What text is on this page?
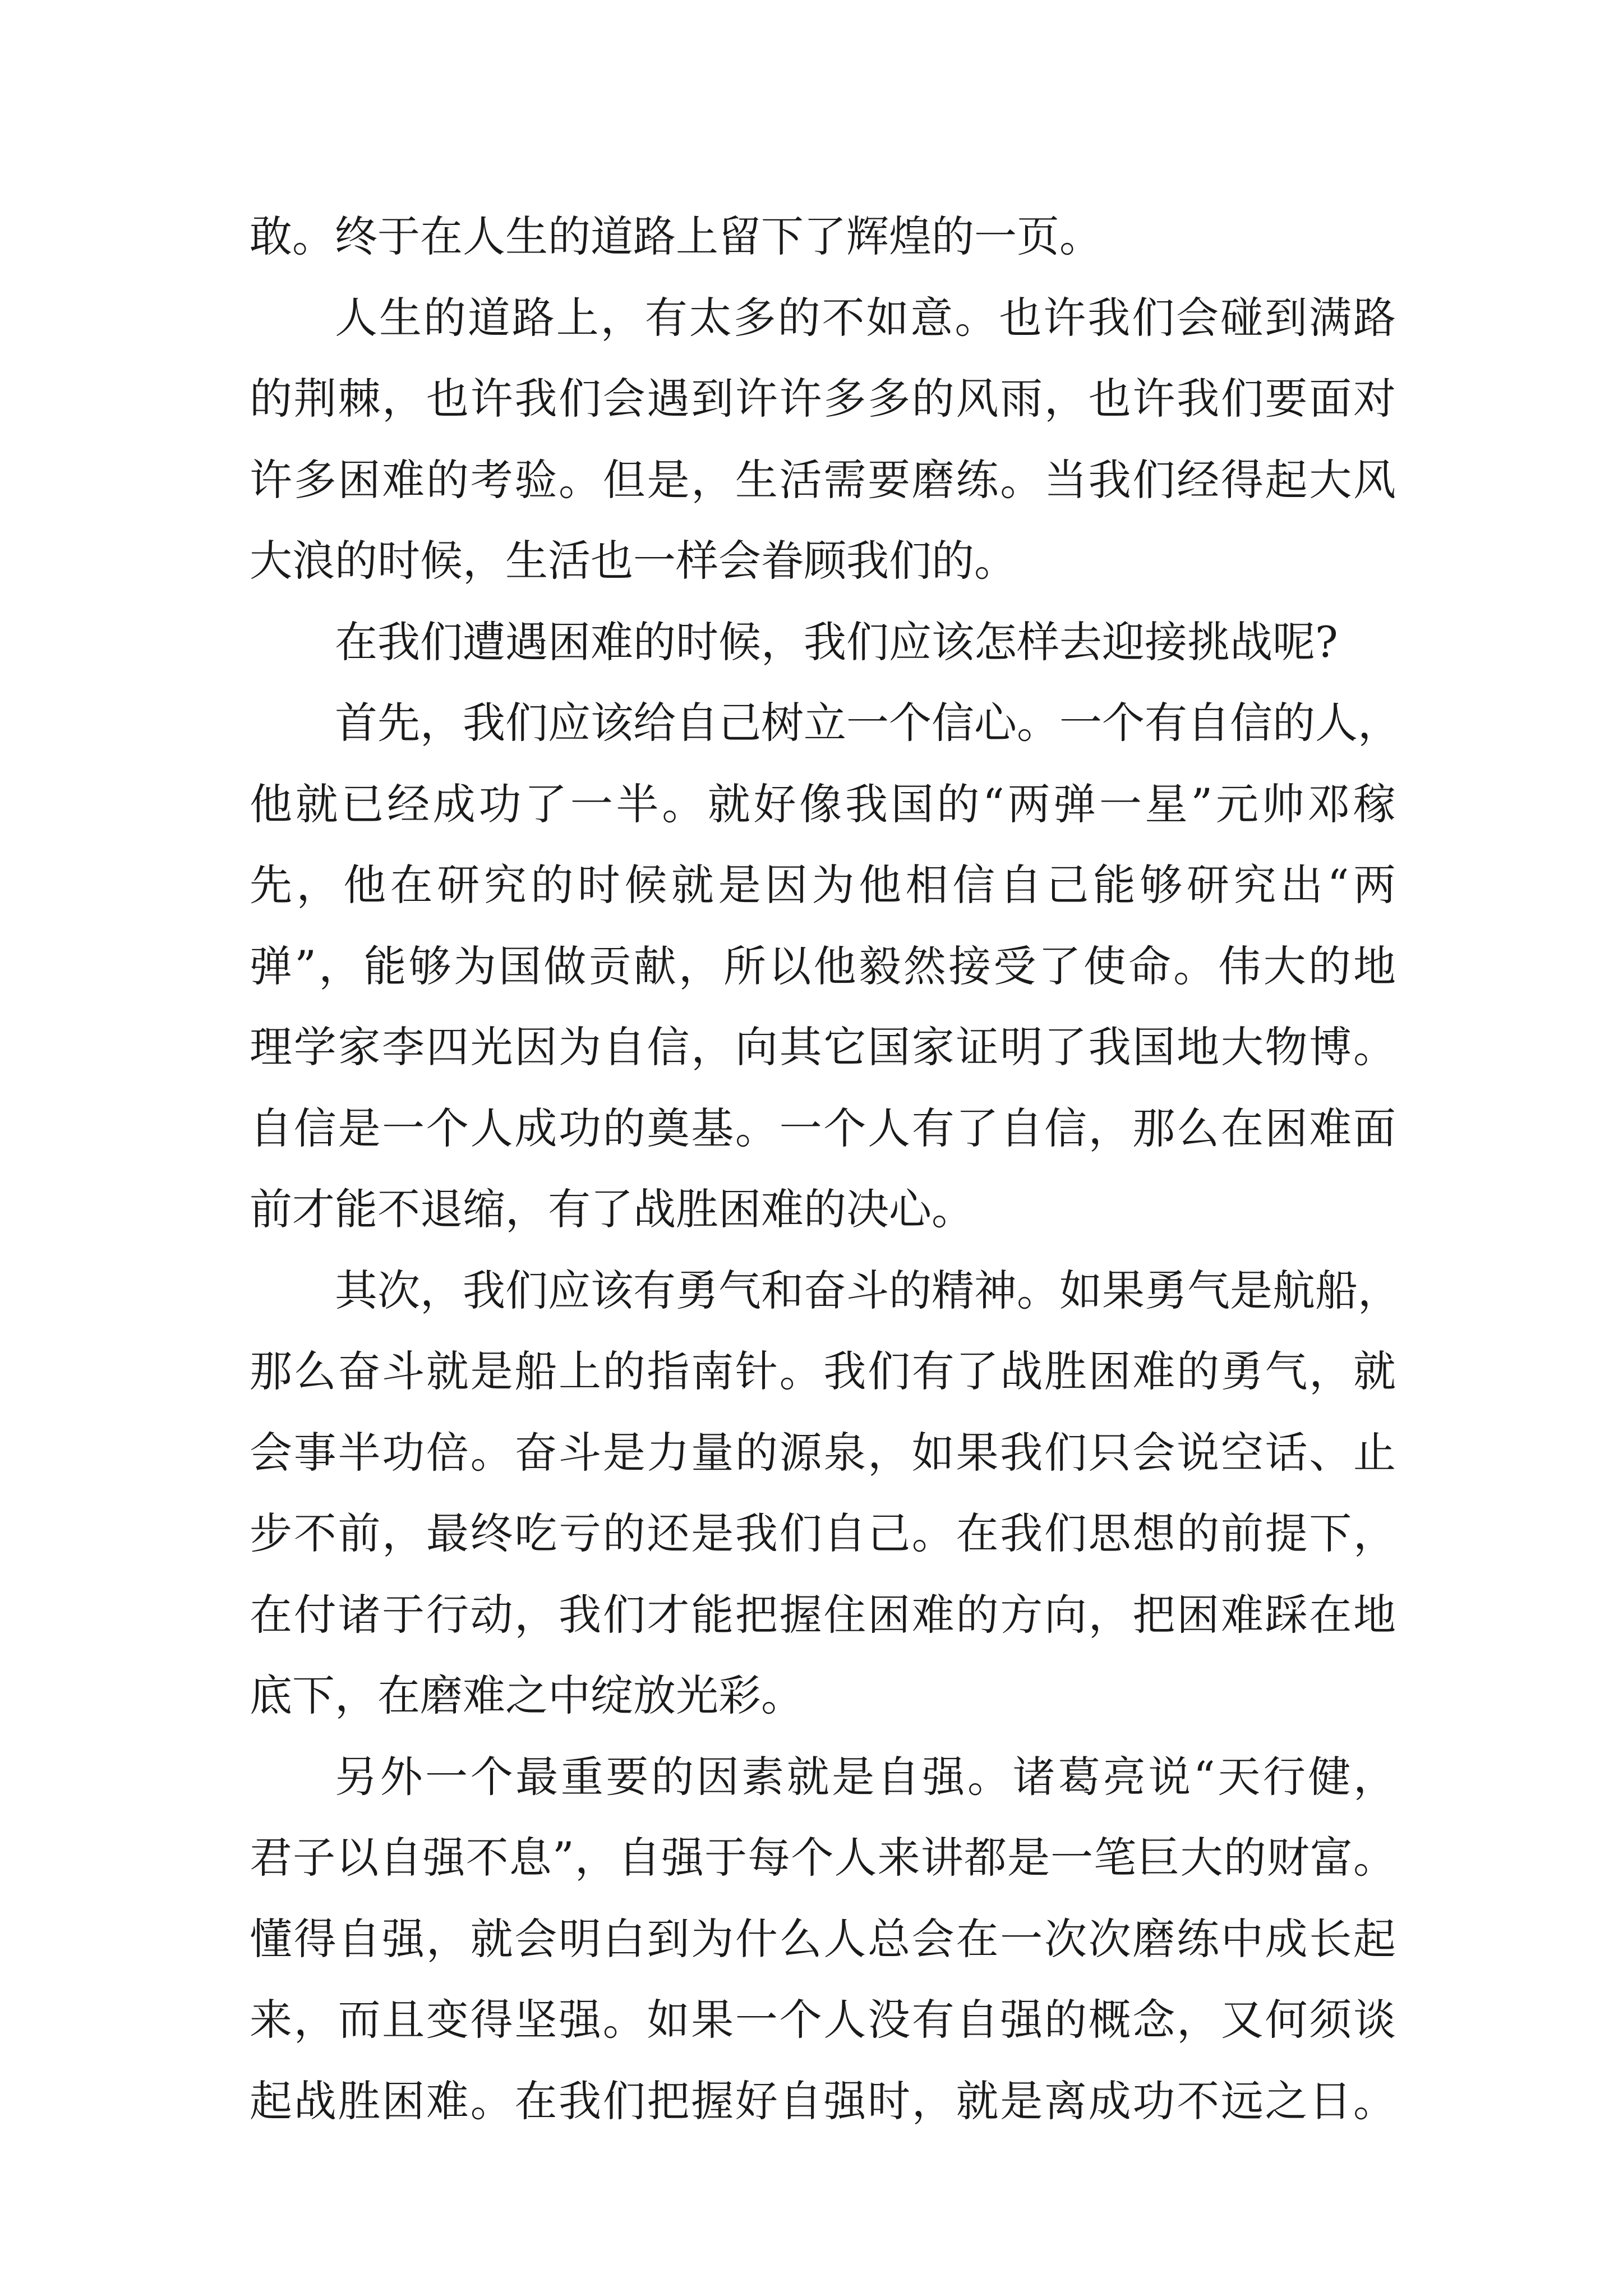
敢。终于在人生的道路上留下了辉煌的一页。
人生的道路上，有太多的不如意。也许我们会碰到满路
的荆棘，也许我们会遇到许许多多的风雨，也许我们要面对
许多困难的考验。但是，生活需要磨练。当我们经得起大风
大浪的时候，生活也一样会眷顾我们的。
在我们遭遇困难的时候，我们应该怎样去迎接挑战呢?
首先，我们应该给自己树立一个信心。一个有自信的人，
他就已经成功了一半。就好像我国的“两弹一星”元帅邓稼
先，他在研究的时候就是因为他相信自己能够研究出“两
弹”，能够为国做贡献，所以他毅然接受了使命。伟大的地
理学家李四光因为自信，向其它国家证明了我国地大物博。
自信是一个人成功的奠基。一个人有了自信，那么在困难面
前才能不退缩，有了战胜困难的决心。
其次，我们应该有勇气和奋斗的精神。如果勇气是航船，
那么奋斗就是船上的指南针。我们有了战胜困难的勇气，就
会事半功倍。奋斗是力量的源泉，如果我们只会说空话、止
步不前，最终吃亏的还是我们自己。在我们思想的前提下，
在付诸于行动，我们才能把握住困难的方向，把困难踩在地
底下，在磨难之中绽放光彩。
另外一个最重要的因素就是自强。诸葛亮说“天行健，
君子以自强不息”，自强于每个人来讲都是一笔巨大的财富。
懂得自强，就会明白到为什么人总会在一次次磨练中成长起
来，而且变得坚强。如果一个人没有自强的概念，又何须谈
起战胜困难。在我们把握好自强时，就是离成功不远之日。
